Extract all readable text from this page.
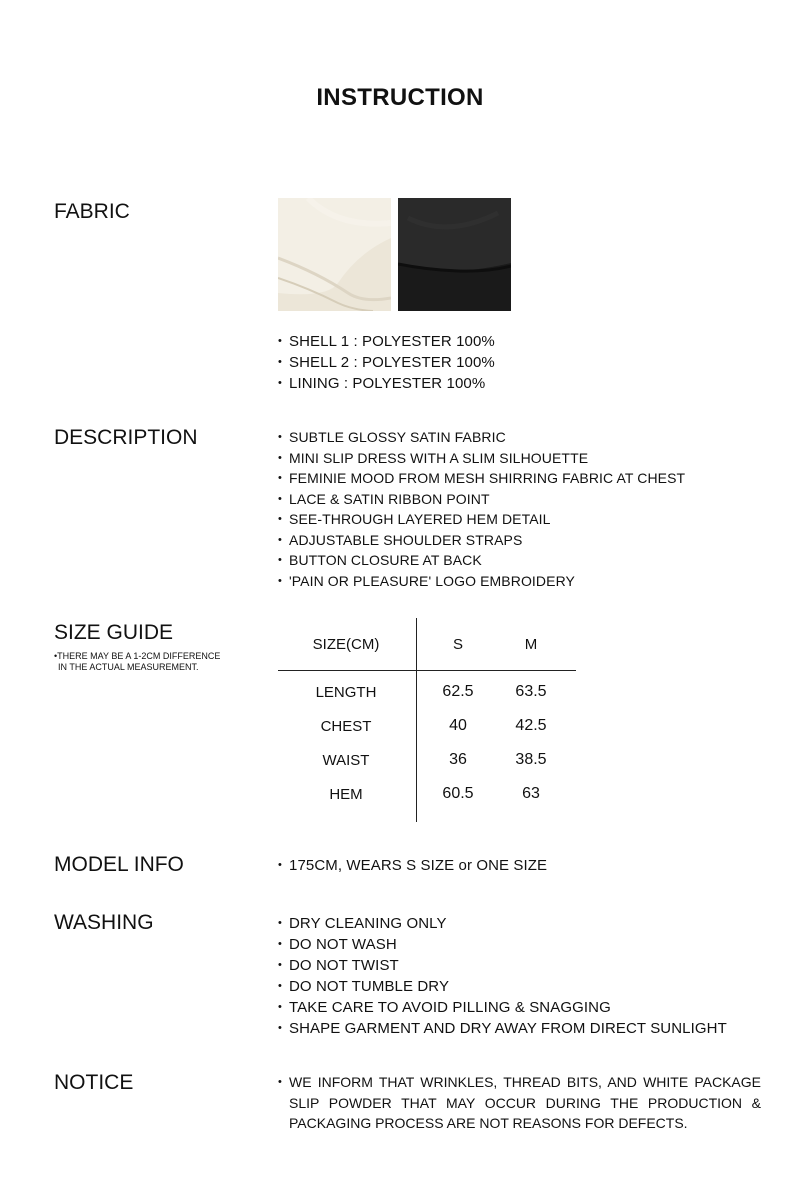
INSTRUCTION
FABRIC
• SHELL 1 : POLYESTER 100%
• SHELL 2 : POLYESTER 100%
• LINING : POLYESTER 100%
DESCRIPTION	• SUBTLE GLOSSY SATIN FABRIC
• MINI SLIP DRESS WITH A SLIM SILHOUETTE
• FEMINIE MOOD FROM MESH SHIRRING FABRIC AT CHEST
• LACE & SATIN RIBBON POINT
• SEE-THROUGH LAYERED HEM DETAIL
• ADJUSTABLE SHOULDER STRAPS
• BUTTON CLOSURE AT BACK
• 'PAIN OR PLEASURE' LOGO EMBROIDERY
SIZE GUIDE
•THERE MAY BE A 1-2CM DIFFERENCE
IN THE ACTUAL MEASUREMENT.
SIZE(CM)	S	M
LENGTH	62.5	63.5
CHEST	40	42.5
WAIST	36	38.5
HEM	60.5	63
MODEL INFO	• 175CM, WEARS S SIZE or ONE SIZE
WASHING	• DRY CLEANING ONLY
• DO NOT WASH
• DO NOT TWIST
• DO NOT TUMBLE DRY
• TAKE CARE TO AVOID PILLING & SNAGGING
• SHAPE GARMENT AND DRY AWAY FROM DIRECT SUNLIGHT
NOTICE	• WE INFORM THAT WRINKLES, THREAD BITS, AND WHITE PACKAGE SLIP POWDER THAT MAY OCCUR DURING THE PRODUCTION & PACKAGING PROCESS ARE NOT REASONS FOR DEFECTS.
